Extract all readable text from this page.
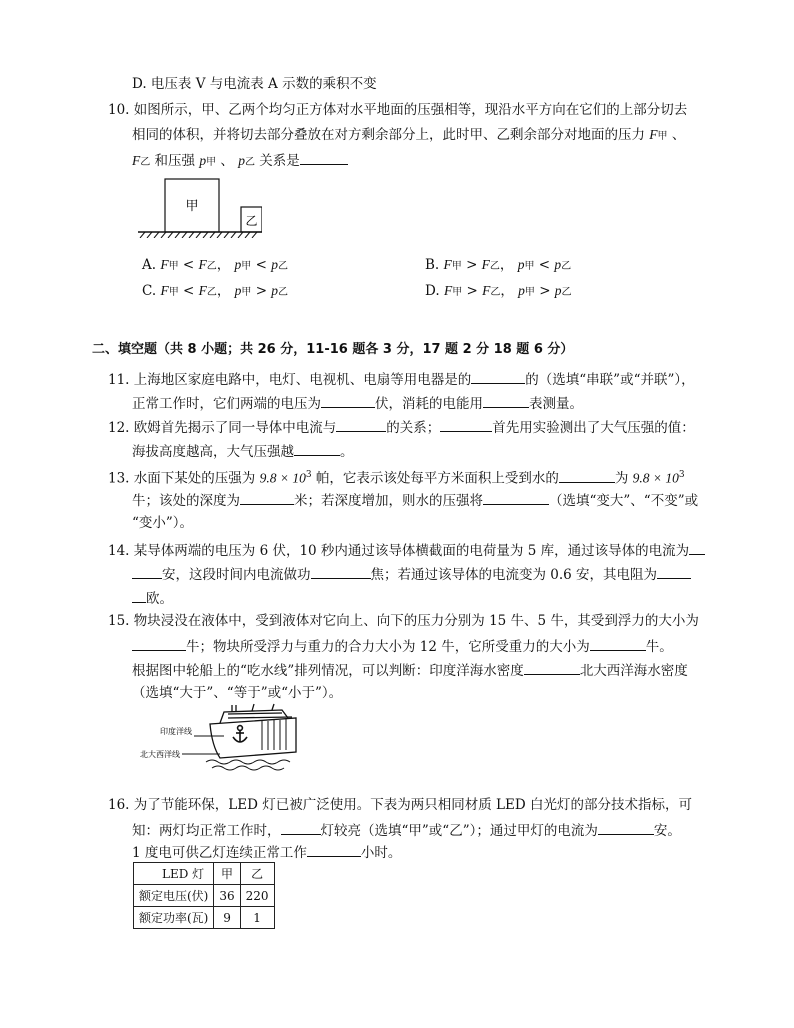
D. 电压表 V 与电流表 A 示数的乘积不变
10. 如图所示，甲、乙两个均匀正方体对水平地面的压强相等，现沿水平方向在它们的上部分切去
相同的体积，并将切去部分叠放在对方剩余部分上，此时甲、乙剩余部分对地面的压力 F甲 、
F乙 和压强 p甲 、 p乙 关系是
甲
乙
A. F甲 < F乙， p甲 < p乙	B. F甲 > F乙， p甲 < p乙
C. F甲 < F乙， p甲 > p乙	D. F甲 > F乙， p甲 > p乙
二、填空题（共 8 小题；共 26 分，11-16 题各 3 分，17 题 2 分 18 题 6 分）
11. 上海地区家庭电路中，电灯、电视机、电扇等用电器是的	的（选填“串联”或“并联”），
正常工作时，它们两端的电压为	伏，消耗的电能用	表测量。
12. 欧姆首先揭示了同一导体中电流与	的关系；	首先用实验测出了大气压强的值：
海拔高度越高，大气压强越	。
13. 水面下某处的压强为 $9.8 \times 10^3$ 帕，它表示该处每平方米面积上受到水的	为 $9.8 \times 10^3$
牛；该处的深度为	米；若深度增加，则水的压强将	（选填“变大”、“不变”或
“变小”）。
14. 某导体两端的电压为 6 伏，10 秒内通过该导体横截面的电荷量为 5 库，通过该导体的电流为
安，这段时间内电流做功	焦；若通过该导体的电流变为 0.6 安，其电阻为
欧。
15. 物块浸没在液体中，受到液体对它向上、向下的压力分别为 15 牛、5 牛，其受到浮力的大小为
牛；物块所受浮力与重力的合力大小为 12 牛，它所受重力的大小为	牛。
根据图中轮船上的“吃水线”排列情况，可以判断：印度洋海水密度	北大西洋海水密度
（选填“大于”、“等于”或“小于”）。
印度洋线
北大西洋线
16. 为了节能环保，LED 灯已被广泛使用。下表为两只相同材质 LED 白光灯的部分技术指标，可
知：两灯均正常工作时，	灯较亮（选填“甲”或“乙”）；通过甲灯的电流为	安。
1 度电可供乙灯连续正常工作	小时。
LED 灯	甲	乙
额定电压(伏)	36	220
额定功率(瓦)	9	1
